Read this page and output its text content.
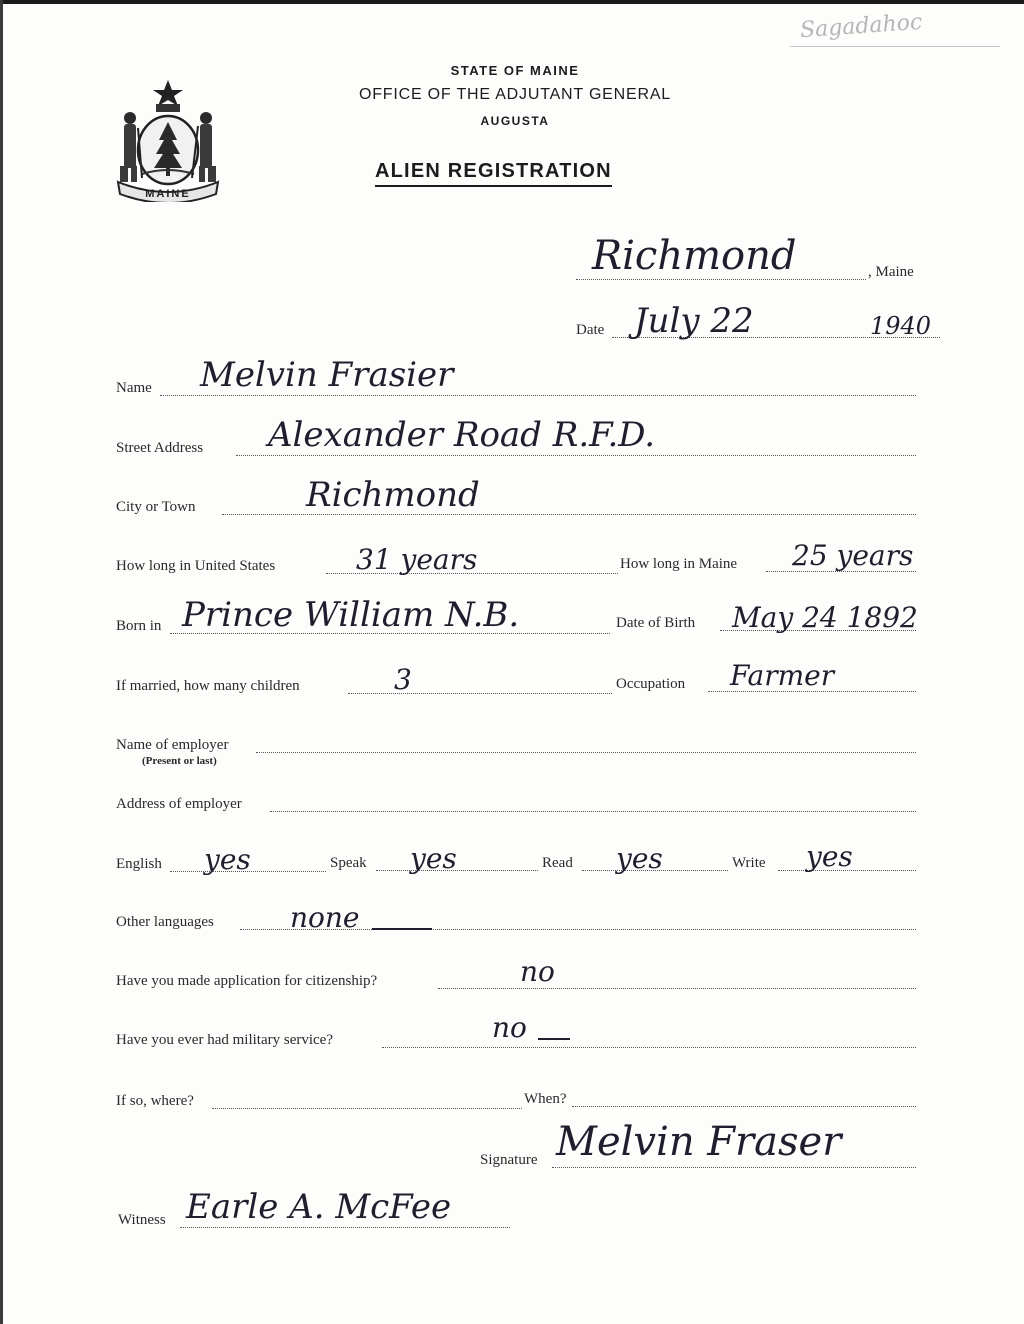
MAINE
STATE OF MAINE
OFFICE OF THE ADJUTANT GENERAL
AUGUSTA
ALIEN REGISTRATION
Sagadahoc
Richmond	, Maine
Date July 22	1940
Name Melvin Frasier
Street Address Alexander Road R.F.D.
City or Town	Richmond
How long in United States	31 years	How long in Maine 25 years
Born in Prince William N.B.	Date of Birth May 24 1892
If married, how many children	3	Occupation Farmer
Name of employer
(Present or last)
Address of employer
English yes	Speak yes	Read yes	Write yes
Other languages	none
Have you made application for citizenship?	no
Have you ever had military service?	no
If so, where?	When?
Signature Melvin Fraser
Witness Earle A. McFee
